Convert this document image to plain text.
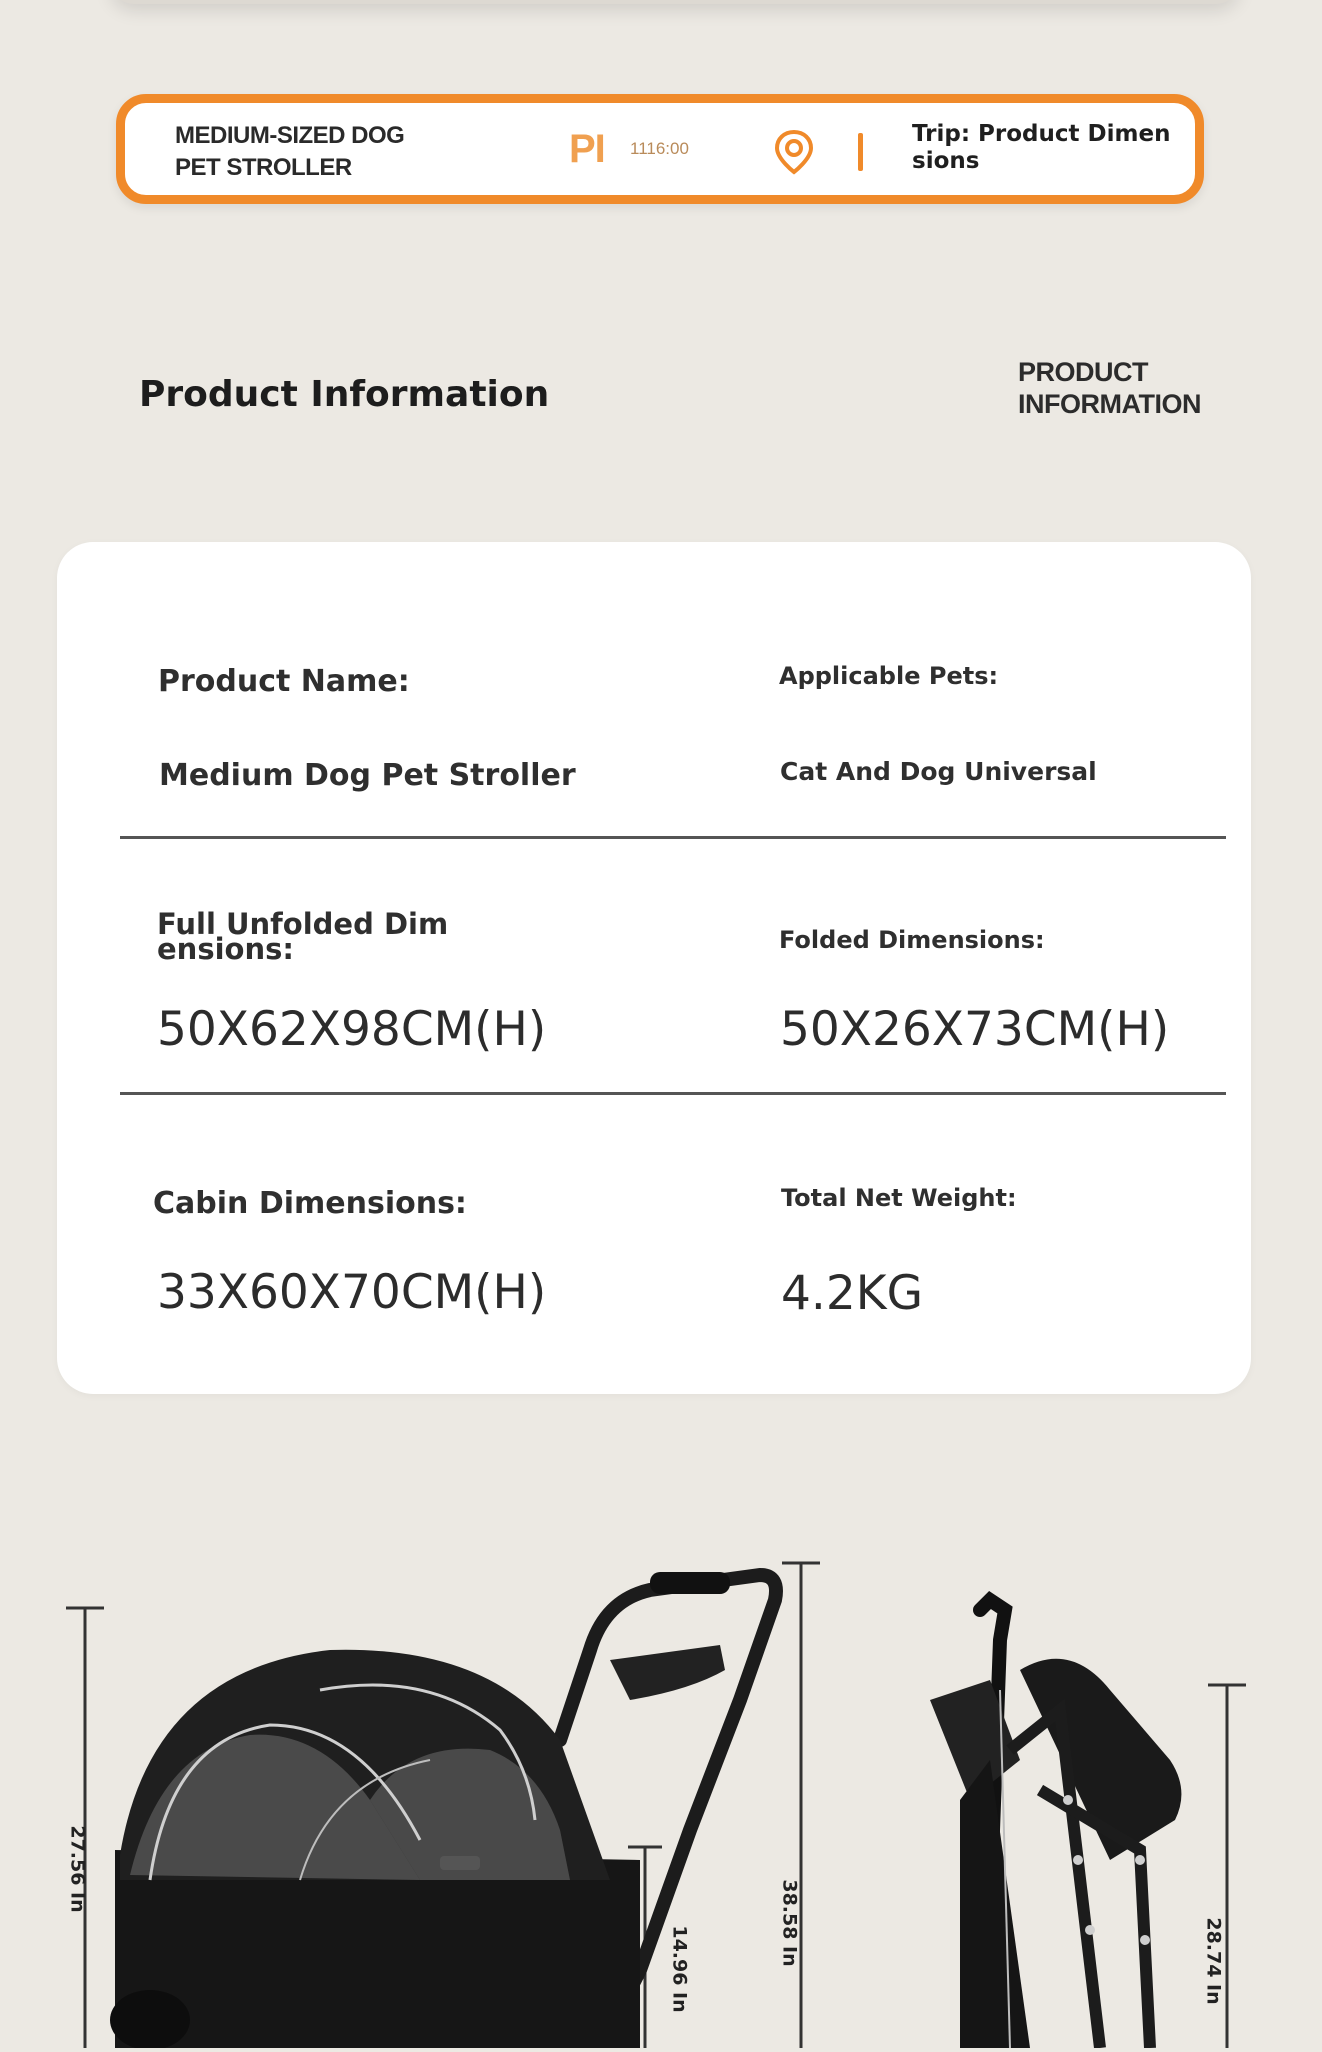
MEDIUM-SIZED DOG
PET STROLLER	PI 1116:00
Trip: Product Dimen
sions
Product Information
PRODUCT
INFORMATION
Product Name:
Medium Dog Pet Stroller
Applicable Pets:
Cat And Dog Universal
Full Unfolded Dim
ensions:
50X62X98CM(H)
Folded Dimensions:
50X26X73CM(H)
Cabin Dimensions:
33X60X70CM(H)
Total Net Weight:
4.2KG
27.56 In
14.96 In
38.58 In	28.74 In
